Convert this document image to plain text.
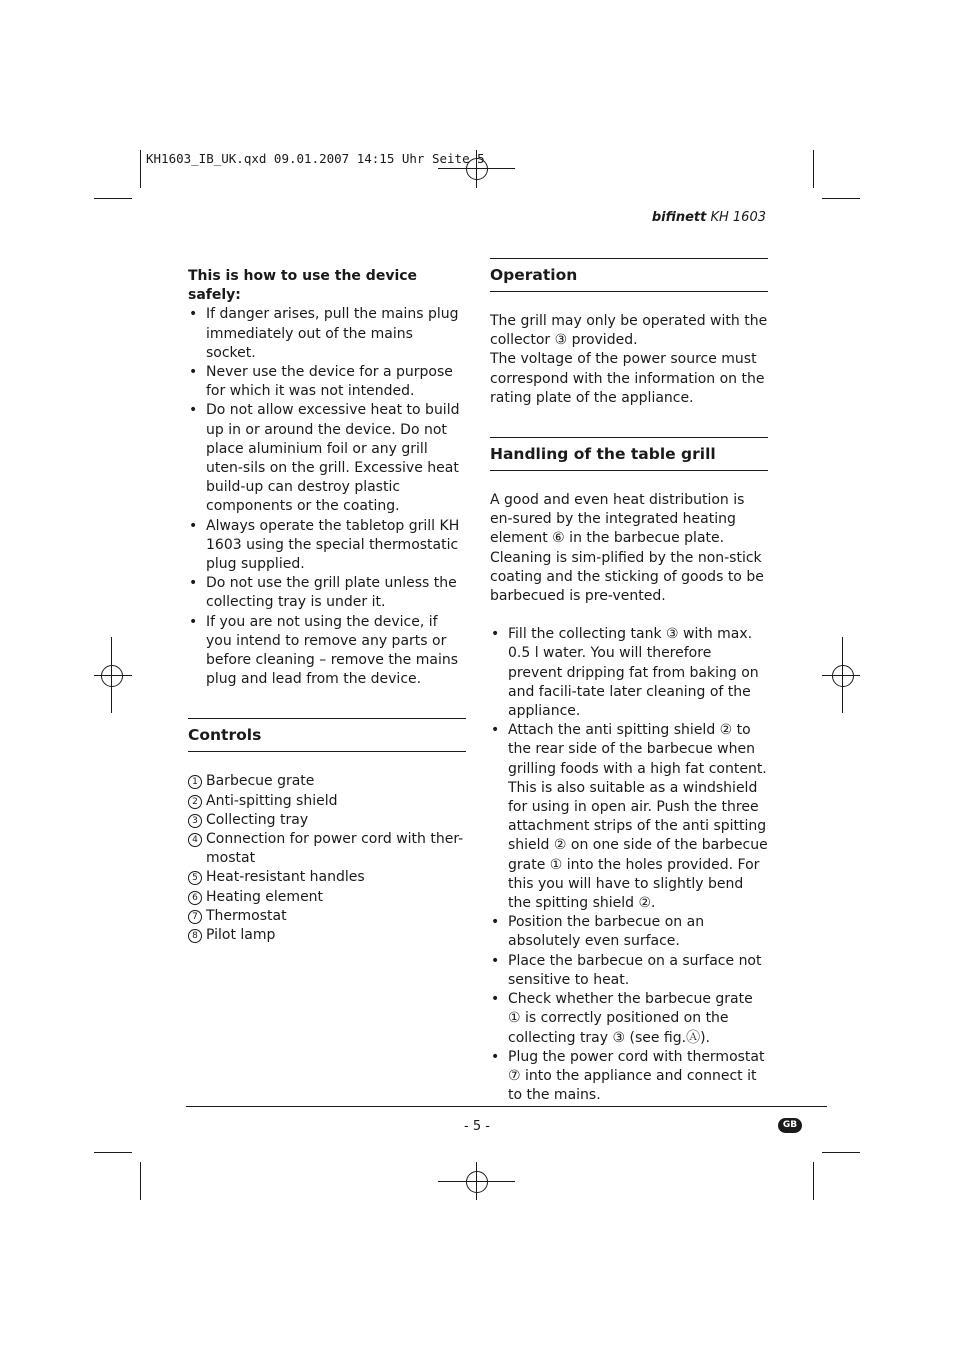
KH1603_IB_UK.qxd 09.01.2007 14:15 Uhr Seite 5
bifinett KH 1603

This is how to use the device safely:

• If danger arises, pull the mains plug immediately out of the mains socket.
• Never use the device for a purpose for which it was not intended.
• Do not allow excessive heat to build up in or around the device. Do not place aluminium foil or any grill uten-sils on the grill. Excessive heat build-up can destroy plastic components or the coating.
• Always operate the tabletop grill KH 1603 using the special thermostatic plug supplied.
• Do not use the grill plate unless the collecting tray is under it.
• If you are not using the device, if you intend to remove any parts or before cleaning – remove the mains plug and lead from the device.
Controls
1 Barbecue grate
2 Anti-spitting shield
3 Collecting tray
4 Connection for power cord with ther-mostat
5 Heat-resistant handles
6 Heating element
7 Thermostat
8 Pilot lamp
Operation

The grill may only be operated with the collector ③ provided.

The voltage of the power source must correspond with the information on the rating plate of the appliance.

Handling of the table grill

A good and even heat distribution is en-sured by the integrated heating element ⑥ in the barbecue plate. Cleaning is sim-plified by the non-stick coating and the sticking of goods to be barbecued is pre-vented.

• Fill the collecting tank ③ with max. 0.5 l water. You will therefore prevent dripping fat from baking on and facili-tate later cleaning of the appliance.
• Attach the anti spitting shield ② to the rear side of the barbecue when grilling foods with a high fat content. This is also suitable as a windshield for using in open air. Push the three attachment strips of the anti spitting shield ② on one side of the barbecue grate ① into the holes provided. For this you will have to slightly bend the spitting shield ②.
• Position the barbecue on an absolutely even surface.
• Place the barbecue on a surface not sensitive to heat.
• Check whether the barbecue grate ① is correctly positioned on the collecting tray ③ (see fig.Ⓐ).
• Plug the power cord with thermostat ⑦ into the appliance and connect it to the mains.
- 5 -	GB
